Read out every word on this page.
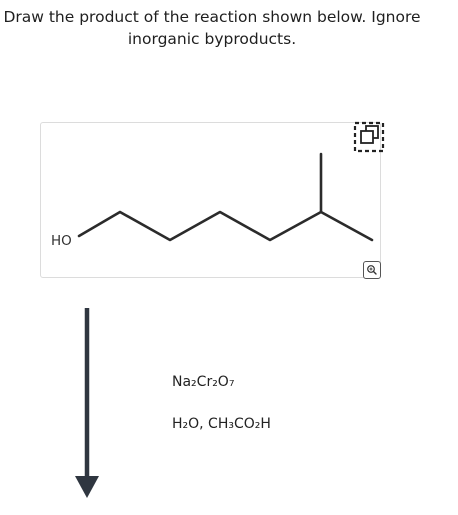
Draw the product of the reaction shown below. Ignore
inorganic byproducts.
HO
Na₂Cr₂O₇
H₂O, CH₃CO₂H
